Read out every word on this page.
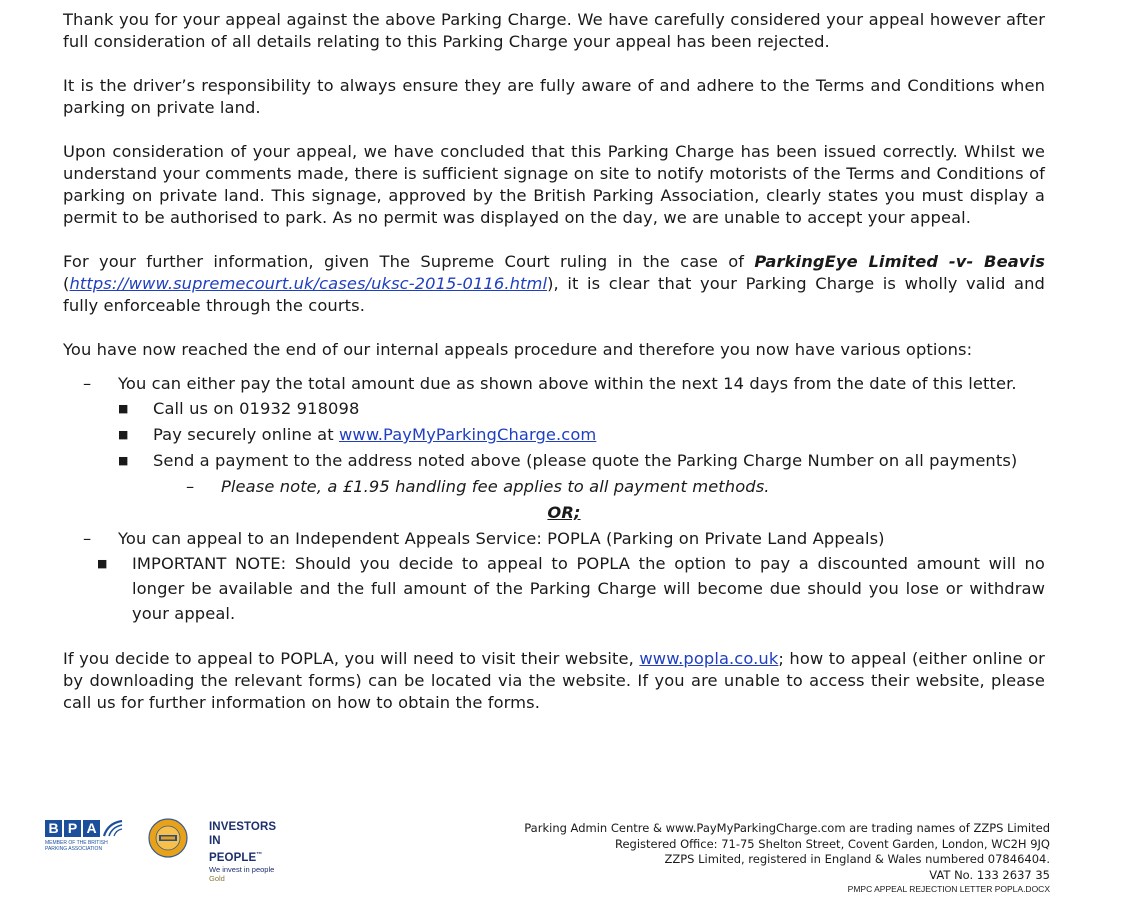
Thank you for your appeal against the above Parking Charge. We have carefully considered your appeal however after full consideration of all details relating to this Parking Charge your appeal has been rejected.

It is the driver’s responsibility to always ensure they are fully aware of and adhere to the Terms and Conditions when parking on private land.

Upon consideration of your appeal, we have concluded that this Parking Charge has been issued correctly. Whilst we understand your comments made, there is sufficient signage on site to notify motorists of the Terms and Conditions of parking on private land. This signage, approved by the British Parking Association, clearly states you must display a permit to be authorised to park. As no permit was displayed on the day, we are unable to accept your appeal.

For your further information, given The Supreme Court ruling in the case of ParkingEye Limited -v- Beavis (https://www.supremecourt.uk/cases/uksc-2015-0116.html), it is clear that your Parking Charge is wholly valid and fully enforceable through the courts.

You have now reached the end of our internal appeals procedure and therefore you now have various options:

– You can either pay the total amount due as shown above within the next 14 days from the date of this letter.
■ Call us on 01932 918098
■ Pay securely online at www.PayMyParkingCharge.com
■ Send a payment to the address noted above (please quote the Parking Charge Number on all payments)
– Please note, a £1.95 handling fee applies to all payment methods.
OR;
– You can appeal to an Independent Appeals Service: POPLA (Parking on Private Land Appeals)
■ IMPORTANT NOTE: Should you decide to appeal to POPLA the option to pay a discounted amount will no longer be available and the full amount of the Parking Charge will become due should you lose or withdraw your appeal.

If you decide to appeal to POPLA, you will need to visit their website, www.popla.co.uk; how to appeal (either online or by downloading the relevant forms) can be located via the website. If you are unable to access their website, please call us for further information on how to obtain the forms.

B P A
MEMBER OF THE BRITISH PARKING ASSOCIATION
INVESTORS IN PEOPLE™
We invest in people Gold
Parking Admin Centre & www.PayMyParkingCharge.com are trading names of ZZPS Limited
Registered Office: 71-75 Shelton Street, Covent Garden, London, WC2H 9JQ
ZZPS Limited, registered in England & Wales numbered 07846404.
VAT No. 133 2637 35
PMPC APPEAL REJECTION LETTER POPLA.DOCX
